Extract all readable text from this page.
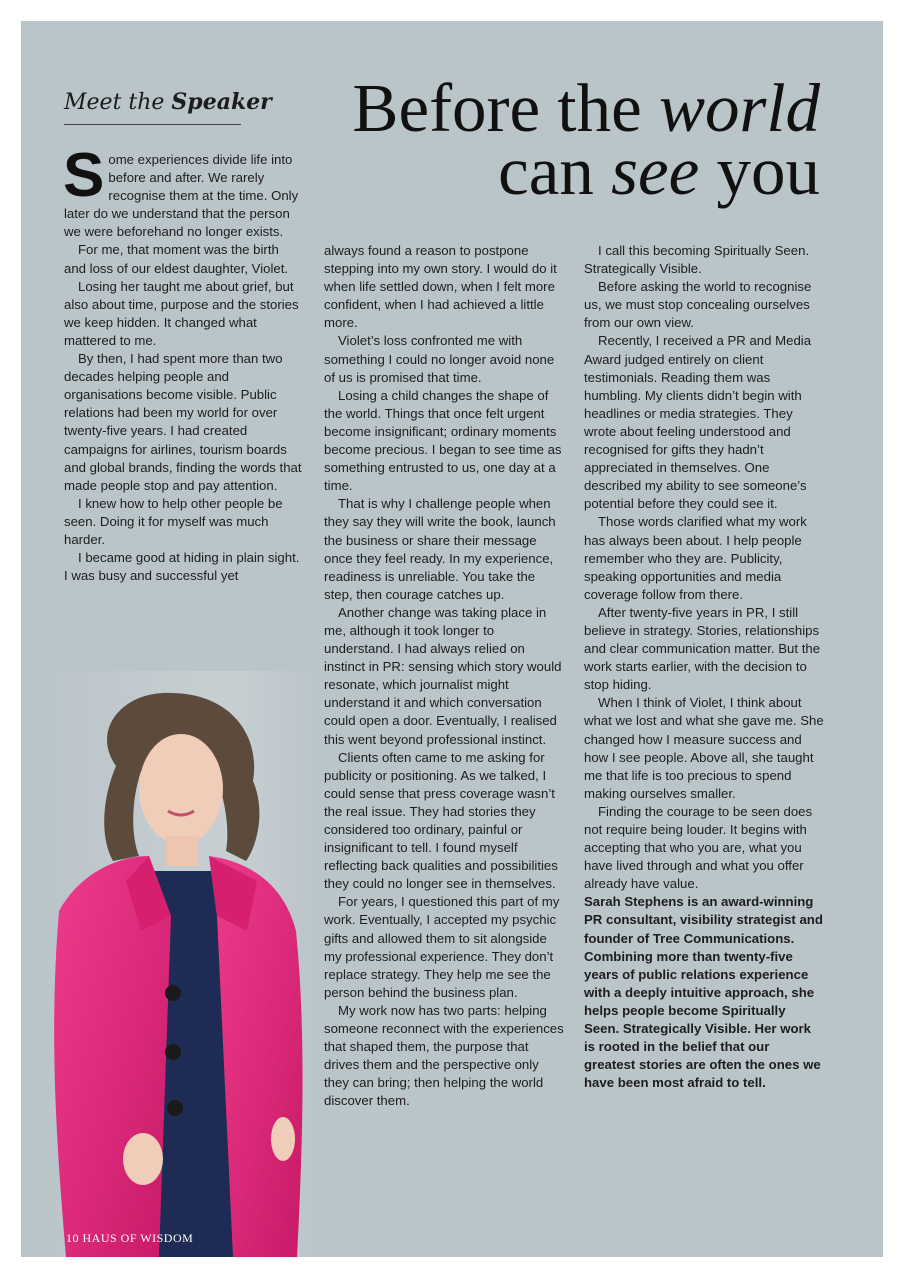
Meet the Speaker Before the world
can see you

Some experiences divide life into before and after. We rarely recognise them at the time. Only later do we understand that the person we were beforehand no longer exists.

For me, that moment was the birth and loss of our eldest daughter, Violet.

Losing her taught me about grief, but also about time, purpose and the stories we keep hidden. It changed what mattered to me.

By then, I had spent more than two decades helping people and organisations become visible. Public relations had been my world for over twenty-five years. I had created campaigns for airlines, tourism boards and global brands, finding the words that made people stop and pay attention.

I knew how to help other people be seen. Doing it for myself was much harder.

I became good at hiding in plain sight. I was busy and successful yet

always found a reason to postpone stepping into my own story. I would do it when life settled down, when I felt more confident, when I had achieved a little more.

Violet’s loss confronted me with something I could no longer avoid none of us is promised that time.

Losing a child changes the shape of the world. Things that once felt urgent become insignificant; ordinary moments become precious. I began to see time as something entrusted to us, one day at a time.

That is why I challenge people when they say they will write the book, launch the business or share their message once they feel ready. In my experience, readiness is unreliable. You take the step, then courage catches up.

Another change was taking place in me, although it took longer to understand. I had always relied on instinct in PR: sensing which story would resonate, which journalist might understand it and which conversation could open a door. Eventually, I realised this went beyond professional instinct.

Clients often came to me asking for publicity or positioning. As we talked, I could sense that press coverage wasn’t the real issue. They had stories they considered too ordinary, painful or insignificant to tell. I found myself reflecting back qualities and possibilities they could no longer see in themselves.

For years, I questioned this part of my work. Eventually, I accepted my psychic gifts and allowed them to sit alongside my professional experience. They don’t replace strategy. They help me see the person behind the business plan.

My work now has two parts: helping someone reconnect with the experiences that shaped them, the purpose that drives them and the perspective only they can bring; then helping the world discover them.

I call this becoming Spiritually Seen. Strategically Visible.

Before asking the world to recognise us, we must stop concealing ourselves from our own view.

Recently, I received a PR and Media Award judged entirely on client testimonials. Reading them was humbling. My clients didn’t begin with headlines or media strategies. They wrote about feeling understood and recognised for gifts they hadn’t appreciated in themselves. One described my ability to see someone’s potential before they could see it.

Those words clarified what my work has always been about. I help people remember who they are. Publicity, speaking opportunities and media coverage follow from there.

After twenty-five years in PR, I still believe in strategy. Stories, relationships and clear communication matter. But the work starts earlier, with the decision to stop hiding.

When I think of Violet, I think about what we lost and what she gave me. She changed how I measure success and how I see people. Above all, she taught me that life is too precious to spend making ourselves smaller.

Finding the courage to be seen does not require being louder. It begins with accepting that who you are, what you have lived through and what you offer already have value.

Sarah Stephens is an award-winning PR consultant, visibility strategist and founder of Tree Communications. Combining more than twenty-five years of public relations experience with a deeply intuitive approach, she helps people become Spiritually Seen. Strategically Visible. Her work is rooted in the belief that our greatest stories are often the ones we have been most afraid to tell.

10 HAUS OF WISDOM
